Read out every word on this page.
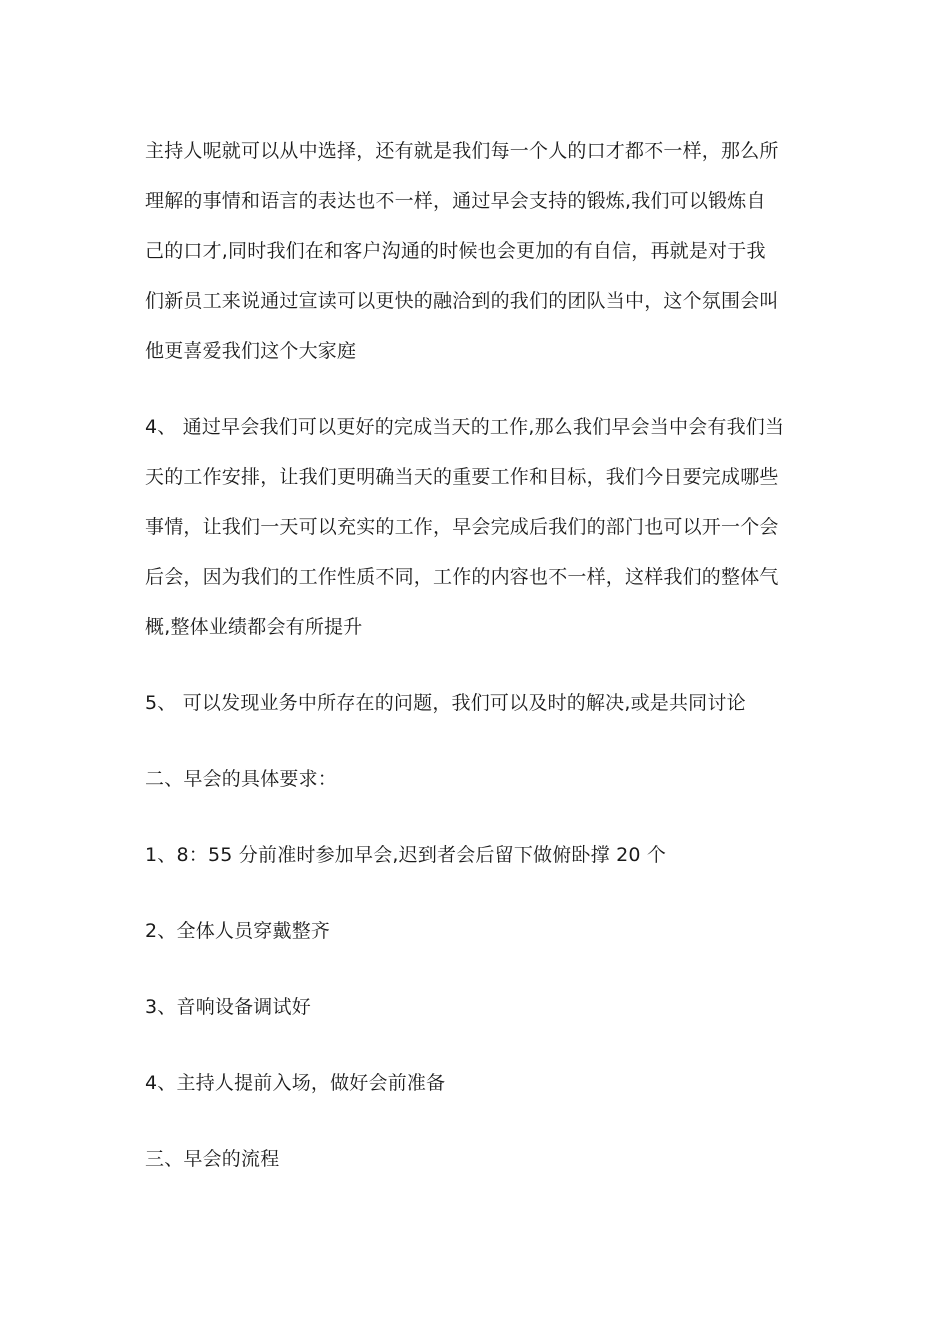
主持人呢就可以从中选择，还有就是我们每一个人的口才都不一样，那么所
理解的事情和语言的表达也不一样，通过早会支持的锻炼,我们可以锻炼自
己的口才,同时我们在和客户沟通的时候也会更加的有自信，再就是对于我
们新员工来说通过宣读可以更快的融洽到的我们的团队当中，这个氛围会叫
他更喜爱我们这个大家庭
4、 通过早会我们可以更好的完成当天的工作,那么我们早会当中会有我们当
天的工作安排，让我们更明确当天的重要工作和目标，我们今日要完成哪些
事情，让我们一天可以充实的工作，早会完成后我们的部门也可以开一个会
后会，因为我们的工作性质不同，工作的内容也不一样，这样我们的整体气
概,整体业绩都会有所提升
5、 可以发现业务中所存在的问题，我们可以及时的解决,或是共同讨论
二、早会的具体要求：
1、8：55 分前准时参加早会,迟到者会后留下做俯卧撑 20 个
2、全体人员穿戴整齐
3、音响设备调试好
4、主持人提前入场，做好会前准备
三、早会的流程
